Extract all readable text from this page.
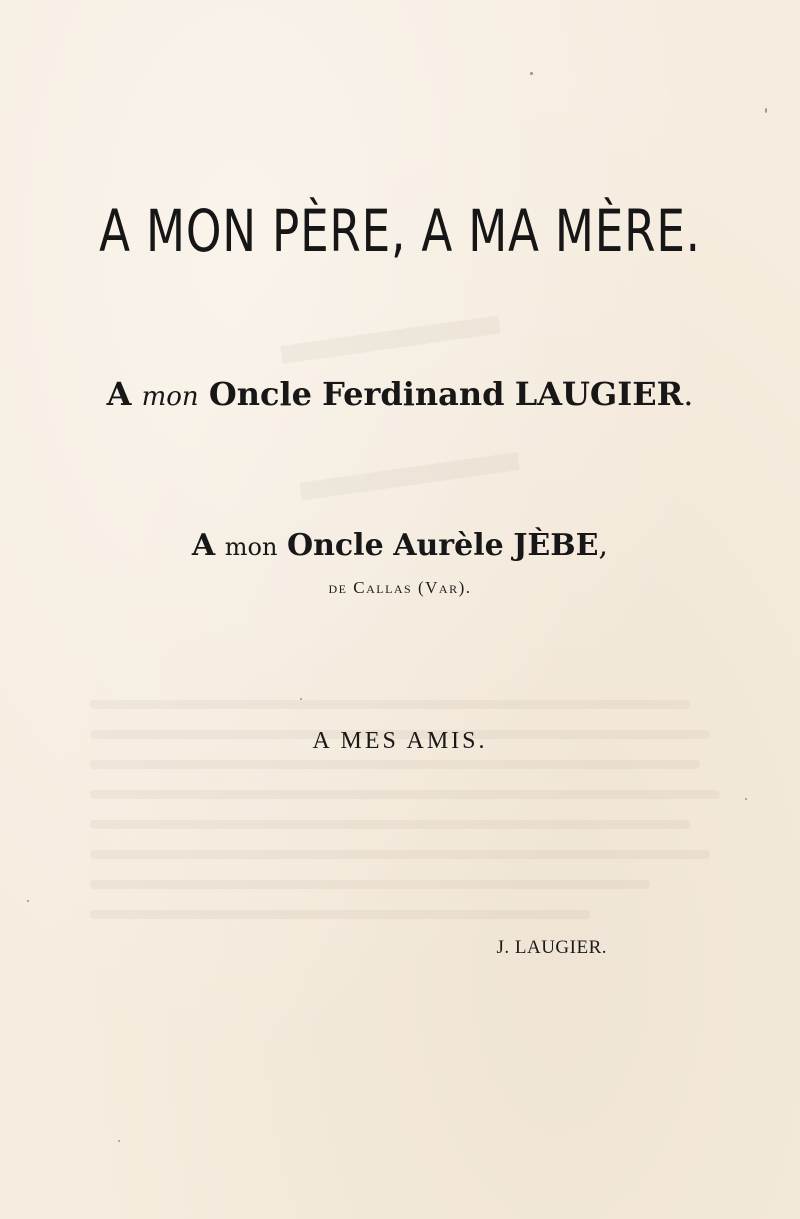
A MON PÈRE, A MA MÈRE.
A mon Oncle Ferdinand LAUGIER.
A mon Oncle Aurèle JÈBE,
de Callas (Var).
A MES AMIS.
J. LAUGIER.
